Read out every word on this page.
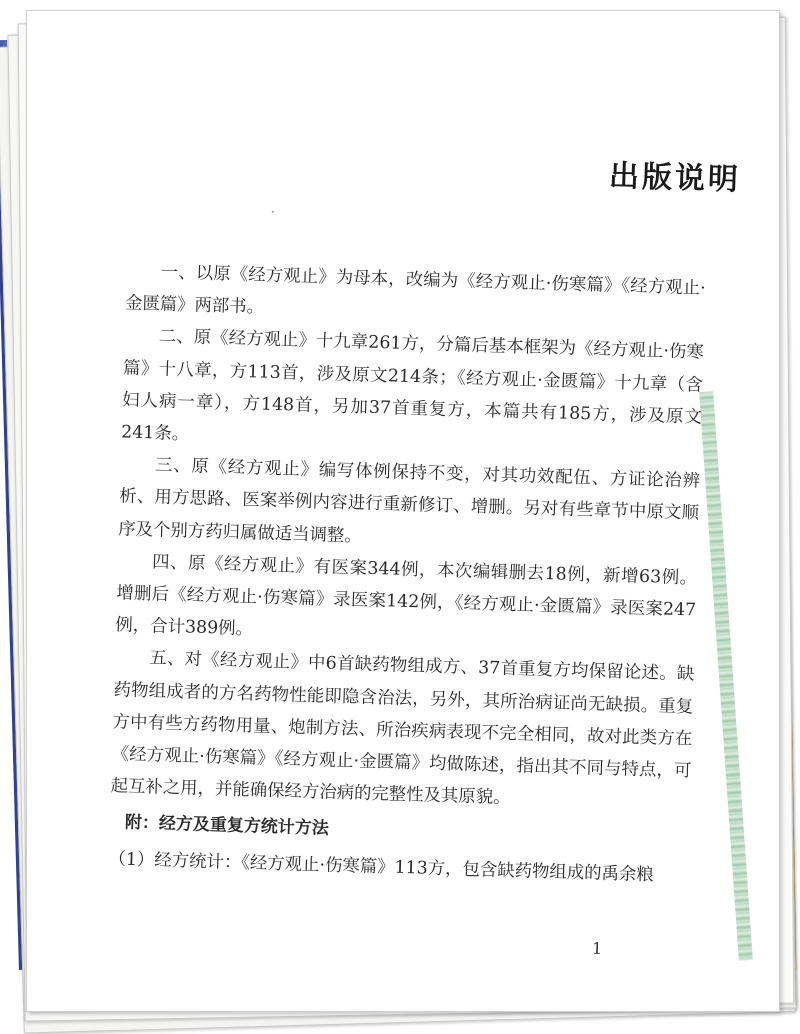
出版说明

一、以原《经方观止》为母本，改编为《经方观止·伤寒篇》《经方观止·金匮篇》两部书。

二、原《经方观止》十九章261方，分篇后基本框架为《经方观止·伤寒篇》十八章，方113首，涉及原文214条；《经方观止·金匮篇》十九章（含妇人病一章），方148首，另加37首重复方，本篇共有185方，涉及原文241条。

三、原《经方观止》编写体例保持不变，对其功效配伍、方证论治辨析、用方思路、医案举例内容进行重新修订、增删。另对有些章节中原文顺序及个别方药归属做适当调整。

四、原《经方观止》有医案344例，本次编辑删去18例，新增63例。增删后《经方观止·伤寒篇》录医案142例，《经方观止·金匮篇》录医案247例，合计389例。

五、对《经方观止》中6首缺药物组成方、37首重复方均保留论述。缺药物组成者的方名药物性能即隐含治法，另外，其所治病证尚无缺损。重复方中有些方药物用量、炮制方法、所治疾病表现不完全相同，故对此类方在《经方观止·伤寒篇》《经方观止·金匮篇》均做陈述，指出其不同与特点，可起互补之用，并能确保经方治病的完整性及其原貌。

附：经方及重复方统计方法

（1）经方统计：《经方观止·伤寒篇》113方，包含缺药物组成的禹余粮

1
